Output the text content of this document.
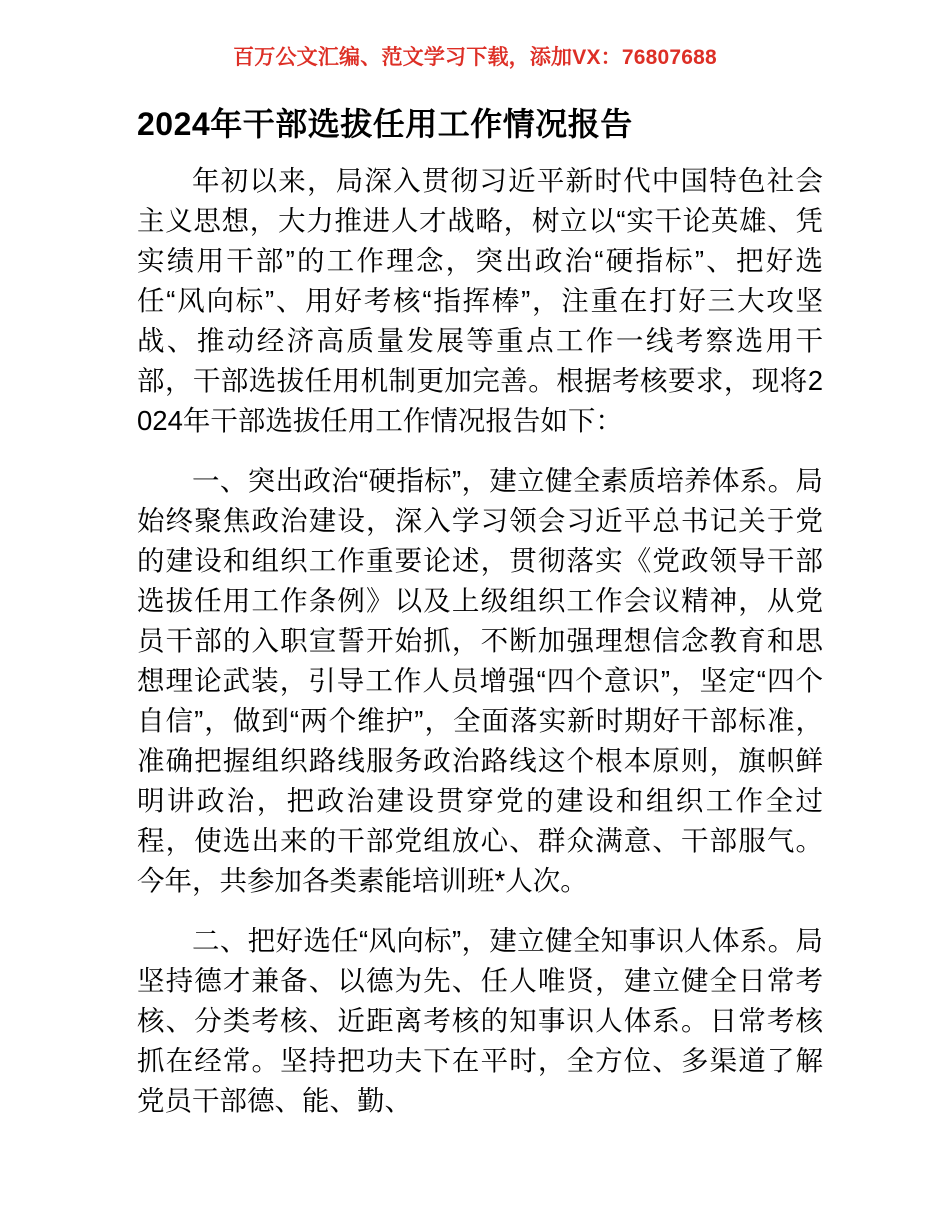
百万公文汇编、范文学习下载，添加VX：76807688
2024年干部选拔任用工作情况报告

年初以来，局深入贯彻习近平新时代中国特色社会主义思想，大力推进人才战略，树立以“实干论英雄、凭实绩用干部”的工作理念，突出政治“硬指标”、把好选任“风向标”、用好考核“指挥棒”，注重在打好三大攻坚战、推动经济高质量发展等重点工作一线考察选用干部，干部选拔任用机制更加完善。根据考核要求，现将2024年干部选拔任用工作情况报告如下：

一、突出政治“硬指标”，建立健全素质培养体系。局始终聚焦政治建设，深入学习领会习近平总书记关于党的建设和组织工作重要论述，贯彻落实《党政领导干部选拔任用工作条例》以及上级组织工作会议精神，从党员干部的入职宣誓开始抓，不断加强理想信念教育和思想理论武装，引导工作人员增强“四个意识”，坚定“四个自信”，做到“两个维护”，全面落实新时期好干部标准，准确把握组织路线服务政治路线这个根本原则，旗帜鲜明讲政治，把政治建设贯穿党的建设和组织工作全过程，使选出来的干部党组放心、群众满意、干部服气。今年，共参加各类素能培训班*人次。

二、把好选任“风向标”，建立健全知事识人体系。局坚持德才兼备、以德为先、任人唯贤，建立健全日常考核、分类考核、近距离考核的知事识人体系。日常考核抓在经常。坚持把功夫下在平时，全方位、多渠道了解党员干部德、能、勤、
